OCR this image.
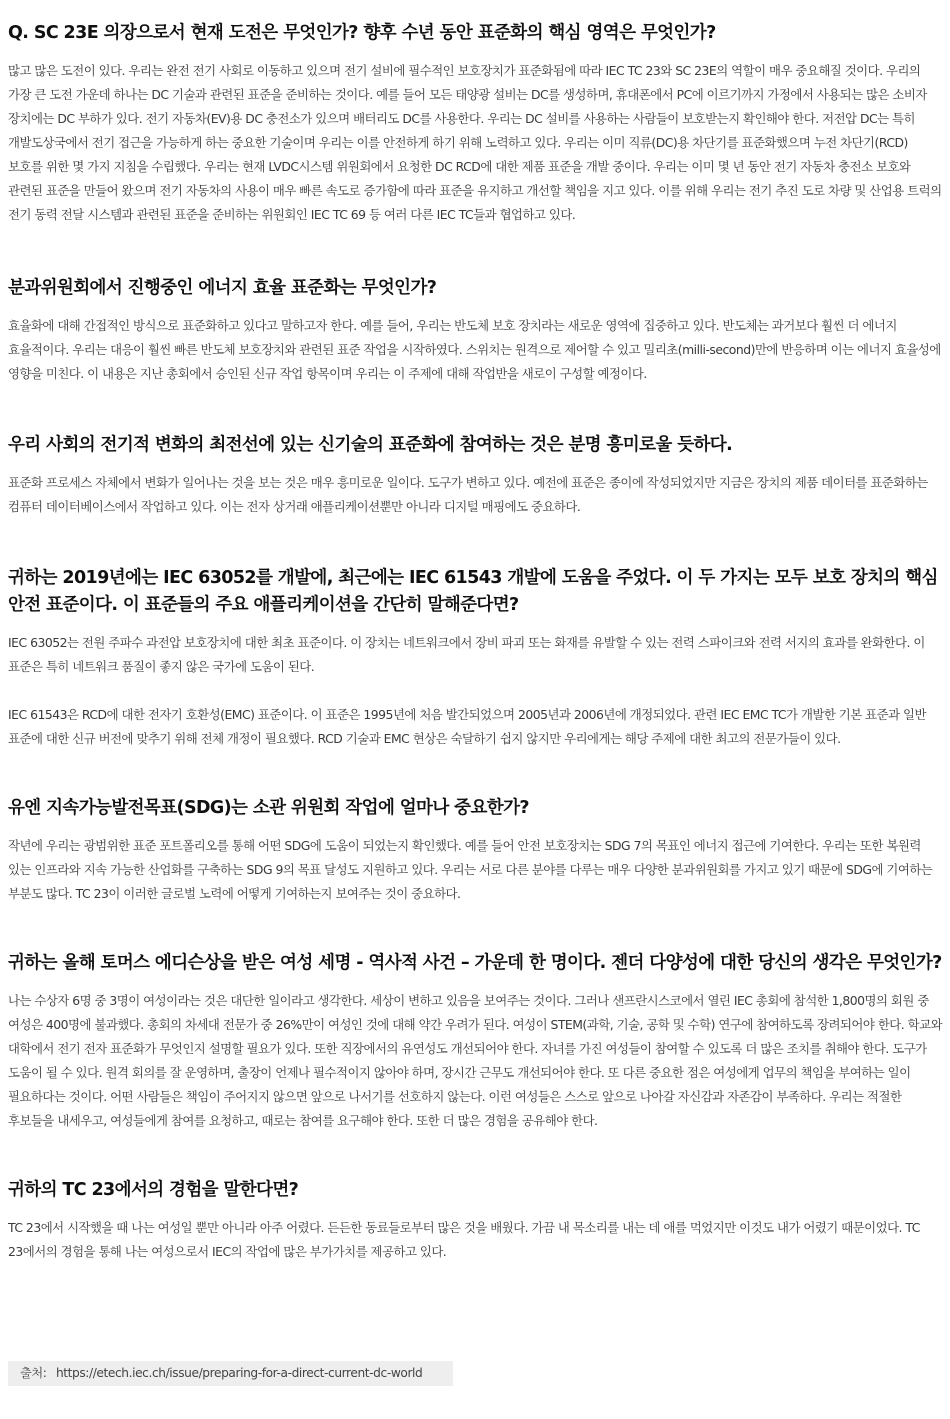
Q. SC 23E 의장으로서 현재 도전은 무엇인가? 향후 수년 동안 표준화의 핵심 영역은 무엇인가?

많고 많은 도전이 있다. 우리는 완전 전기 사회로 이동하고 있으며 전기 설비에 필수적인 보호장치가 표준화됨에 따라 IEC TC 23와 SC 23E의 역할이 매우 중요해질 것이다. 우리의 가장 큰 도전 가운데 하나는 DC 기술과 관련된 표준을 준비하는 것이다. 예를 들어 모든 태양광 설비는 DC를 생성하며, 휴대폰에서 PC에 이르기까지 가정에서 사용되는 많은 소비자 장치에는 DC 부하가 있다. 전기 자동차(EV)용 DC 충전소가 있으며 배터리도 DC를 사용한다. 우리는 DC 설비를 사용하는 사람들이 보호받는지 확인해야 한다. 저전압 DC는 특히 개발도상국에서 전기 접근을 가능하게 하는 중요한 기술이며 우리는 이를 안전하게 하기 위해 노력하고 있다. 우리는 이미 직류(DC)용 차단기를 표준화했으며 누전 차단기(RCD) 보호를 위한 몇 가지 지침을 수립했다. 우리는 현재 LVDC시스템 위원회에서 요청한 DC RCD에 대한 제품 표준을 개발 중이다. 우리는 이미 몇 년 동안 전기 자동차 충전소 보호와 관련된 표준을 만들어 왔으며 전기 자동차의 사용이 매우 빠른 속도로 증가함에 따라 표준을 유지하고 개선할 책임을 지고 있다. 이를 위해 우리는 전기 추진 도로 차량 및 산업용 트럭의 전기 동력 전달 시스템과 관련된 표준을 준비하는 위원회인 IEC TC 69 등 여러 다른 IEC TC들과 협업하고 있다.

분과위원회에서 진행중인 에너지 효율 표준화는 무엇인가?

효율화에 대해 간접적인 방식으로 표준화하고 있다고 말하고자 한다. 예를 들어, 우리는 반도체 보호 장치라는 새로운 영역에 집중하고 있다. 반도체는 과거보다 훨씬 더 에너지 효율적이다. 우리는 대응이 훨씬 빠른 반도체 보호장치와 관련된 표준 작업을 시작하였다. 스위치는 원격으로 제어할 수 있고 밀리초(milli-second)만에 반응하며 이는 에너지 효율성에 영향을 미친다. 이 내용은 지난 총회에서 승인된 신규 작업 항목이며 우리는 이 주제에 대해 작업반을 새로이 구성할 예정이다.

우리 사회의 전기적 변화의 최전선에 있는 신기술의 표준화에 참여하는 것은 분명 흥미로울 듯하다.

표준화 프로세스 자체에서 변화가 일어나는 것을 보는 것은 매우 흥미로운 일이다. 도구가 변하고 있다. 예전에 표준은 종이에 작성되었지만 지금은 장치의 제품 데이터를 표준화하는 컴퓨터 데이터베이스에서 작업하고 있다. 이는 전자 상거래 애플리케이션뿐만 아니라 디지털 매핑에도 중요하다.

귀하는 2019년에는 IEC 63052를 개발에, 최근에는 IEC 61543 개발에 도움을 주었다. 이 두 가지는 모두 보호 장치의 핵심 안전 표준이다. 이 표준들의 주요 애플리케이션을 간단히 말해준다면?

IEC 63052는 전원 주파수 과전압 보호장치에 대한 최초 표준이다. 이 장치는 네트워크에서 장비 파괴 또는 화재를 유발할 수 있는 전력 스파이크와 전력 서지의 효과를 완화한다. 이 표준은 특히 네트워크 품질이 좋지 않은 국가에 도움이 된다.

IEC 61543은 RCD에 대한 전자기 호환성(EMC) 표준이다. 이 표준은 1995년에 처음 발간되었으며 2005년과 2006년에 개정되었다. 관련 IEC EMC TC가 개발한 기본 표준과 일반 표준에 대한 신규 버전에 맞추기 위해 전체 개정이 필요했다. RCD 기술과 EMC 현상은 숙달하기 쉽지 않지만 우리에게는 해당 주제에 대한 최고의 전문가들이 있다.

유엔 지속가능발전목표(SDG)는 소관 위원회 작업에 얼마나 중요한가?

작년에 우리는 광범위한 표준 포트폴리오를 통해 어떤 SDG에 도움이 되었는지 확인했다. 예를 들어 안전 보호장치는 SDG 7의 목표인 에너지 접근에 기여한다. 우리는 또한 복원력 있는 인프라와 지속 가능한 산업화를 구축하는 SDG 9의 목표 달성도 지원하고 있다. 우리는 서로 다른 분야를 다루는 매우 다양한 분과위원회를 가지고 있기 때문에 SDG에 기여하는 부분도 많다. TC 23이 이러한 글로벌 노력에 어떻게 기여하는지 보여주는 것이 중요하다.

귀하는 올해 토머스 에디슨상을 받은 여성 세명 - 역사적 사건 – 가운데 한 명이다. 젠더 다양성에 대한 당신의 생각은 무엇인가?

나는 수상자 6명 중 3명이 여성이라는 것은 대단한 일이라고 생각한다. 세상이 변하고 있음을 보여주는 것이다. 그러나 샌프란시스코에서 열린 IEC 총회에 참석한 1,800명의 회원 중 여성은 400명에 불과했다. 총회의 차세대 전문가 중 26%만이 여성인 것에 대해 약간 우려가 된다. 여성이 STEM(과학, 기술, 공학 및 수학) 연구에 참여하도록 장려되어야 한다. 학교와 대학에서 전기 전자 표준화가 무엇인지 설명할 필요가 있다. 또한 직장에서의 유연성도 개선되어야 한다. 자녀를 가진 여성들이 참여할 수 있도록 더 많은 조치를 취해야 한다. 도구가 도움이 될 수 있다. 원격 회의를 잘 운영하며, 출장이 언제나 필수적이지 않아야 하며, 장시간 근무도 개선되어야 한다. 또 다른 중요한 점은 여성에게 업무의 책임을 부여하는 일이 필요하다는 것이다. 어떤 사람들은 책임이 주어지지 않으면 앞으로 나서기를 선호하지 않는다. 이런 여성들은 스스로 앞으로 나아갈 자신감과 자존감이 부족하다. 우리는 적절한 후보들을 내세우고, 여성들에게 참여를 요청하고, 때로는 참여를 요구해야 한다. 또한 더 많은 경험을 공유해야 한다.

귀하의 TC 23에서의 경험을 말한다면?

TC 23에서 시작했을 때 나는 여성일 뿐만 아니라 아주 어렸다. 든든한 동료들로부터 많은 것을 배웠다. 가끔 내 목소리를 내는 데 애를 먹었지만 이것도 내가 어렸기 때문이었다. TC 23에서의 경험을 통해 나는 여성으로서 IEC의 작업에 많은 부가가치를 제공하고 있다.

출처: https://etech.iec.ch/issue/preparing-for-a-direct-current-dc-world
